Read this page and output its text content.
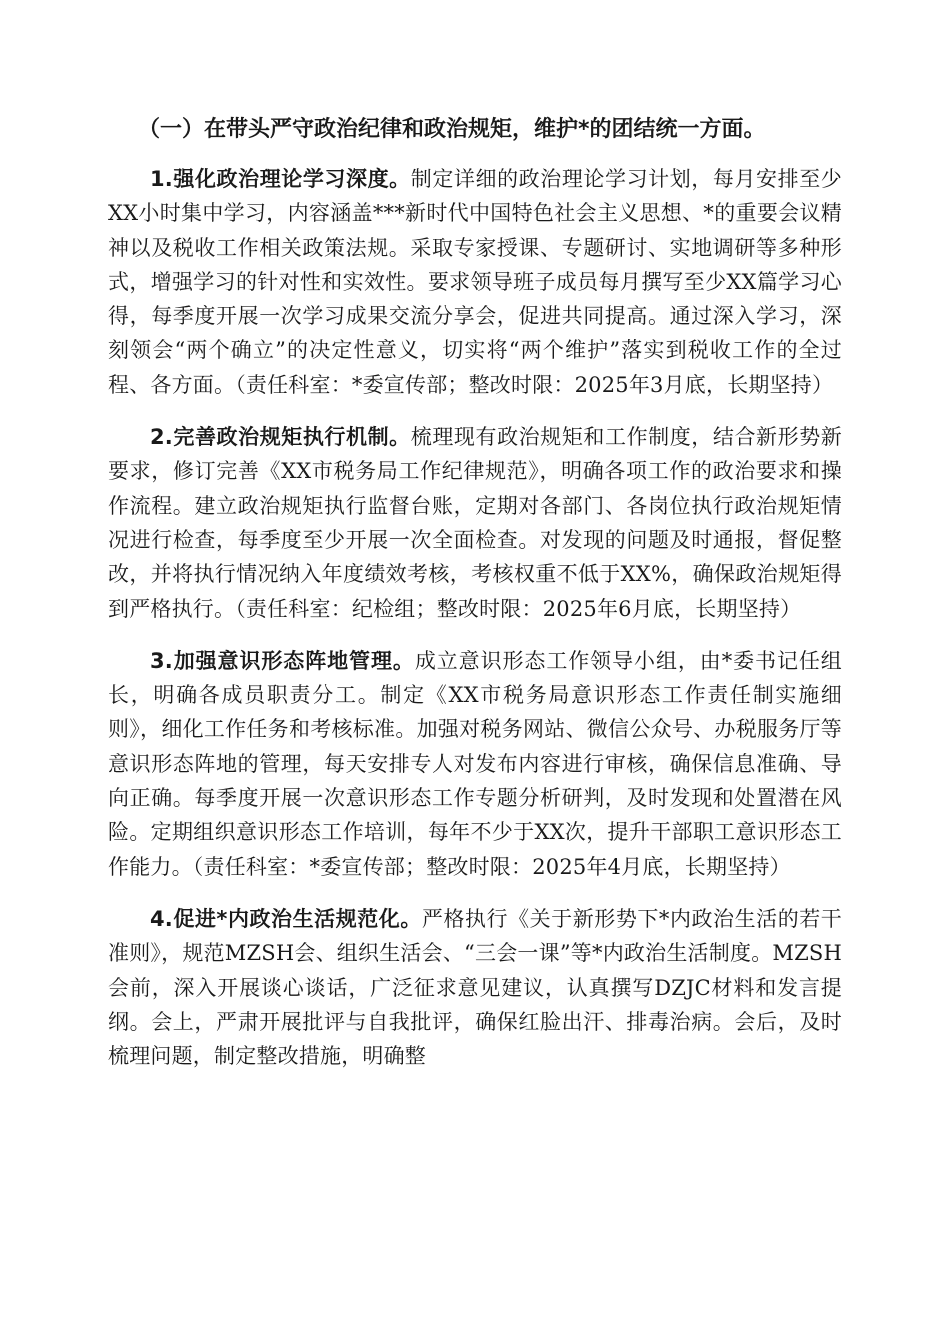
（一）在带头严守政治纪律和政治规矩，维护*的团结统一方面。

1.强化政治理论学习深度。制定详细的政治理论学习计划，每月安排至少XX小时集中学习，内容涵盖***新时代中国特色社会主义思想、*的重要会议精神以及税收工作相关政策法规。采取专家授课、专题研讨、实地调研等多种形式，增强学习的针对性和实效性。要求领导班子成员每月撰写至少XX篇学习心得，每季度开展一次学习成果交流分享会，促进共同提高。通过深入学习，深刻领会“两个确立”的决定性意义，切实将“两个维护”落实到税收工作的全过程、各方面。（责任科室：*委宣传部；整改时限：2025年3月底，长期坚持）

2.完善政治规矩执行机制。梳理现有政治规矩和工作制度，结合新形势新要求，修订完善《XX市税务局工作纪律规范》，明确各项工作的政治要求和操作流程。建立政治规矩执行监督台账，定期对各部门、各岗位执行政治规矩情况进行检查，每季度至少开展一次全面检查。对发现的问题及时通报，督促整改，并将执行情况纳入年度绩效考核，考核权重不低于XX%，确保政治规矩得到严格执行。（责任科室：纪检组；整改时限：2025年6月底，长期坚持）

3.加强意识形态阵地管理。成立意识形态工作领导小组，由*委书记任组长，明确各成员职责分工。制定《XX市税务局意识形态工作责任制实施细则》，细化工作任务和考核标准。加强对税务网站、微信公众号、办税服务厅等意识形态阵地的管理，每天安排专人对发布内容进行审核，确保信息准确、导向正确。每季度开展一次意识形态工作专题分析研判，及时发现和处置潜在风险。定期组织意识形态工作培训，每年不少于XX次，提升干部职工意识形态工作能力。（责任科室：*委宣传部；整改时限：2025年4月底，长期坚持）

4.促进*内政治生活规范化。严格执行《关于新形势下*内政治生活的若干准则》，规范MZSH会、组织生活会、“三会一课”等*内政治生活制度。MZSH会前，深入开展谈心谈话，广泛征求意见建议，认真撰写DZJC材料和发言提纲。会上，严肃开展批评与自我批评，确保红脸出汗、排毒治病。会后，及时梳理问题，制定整改措施，明确整
